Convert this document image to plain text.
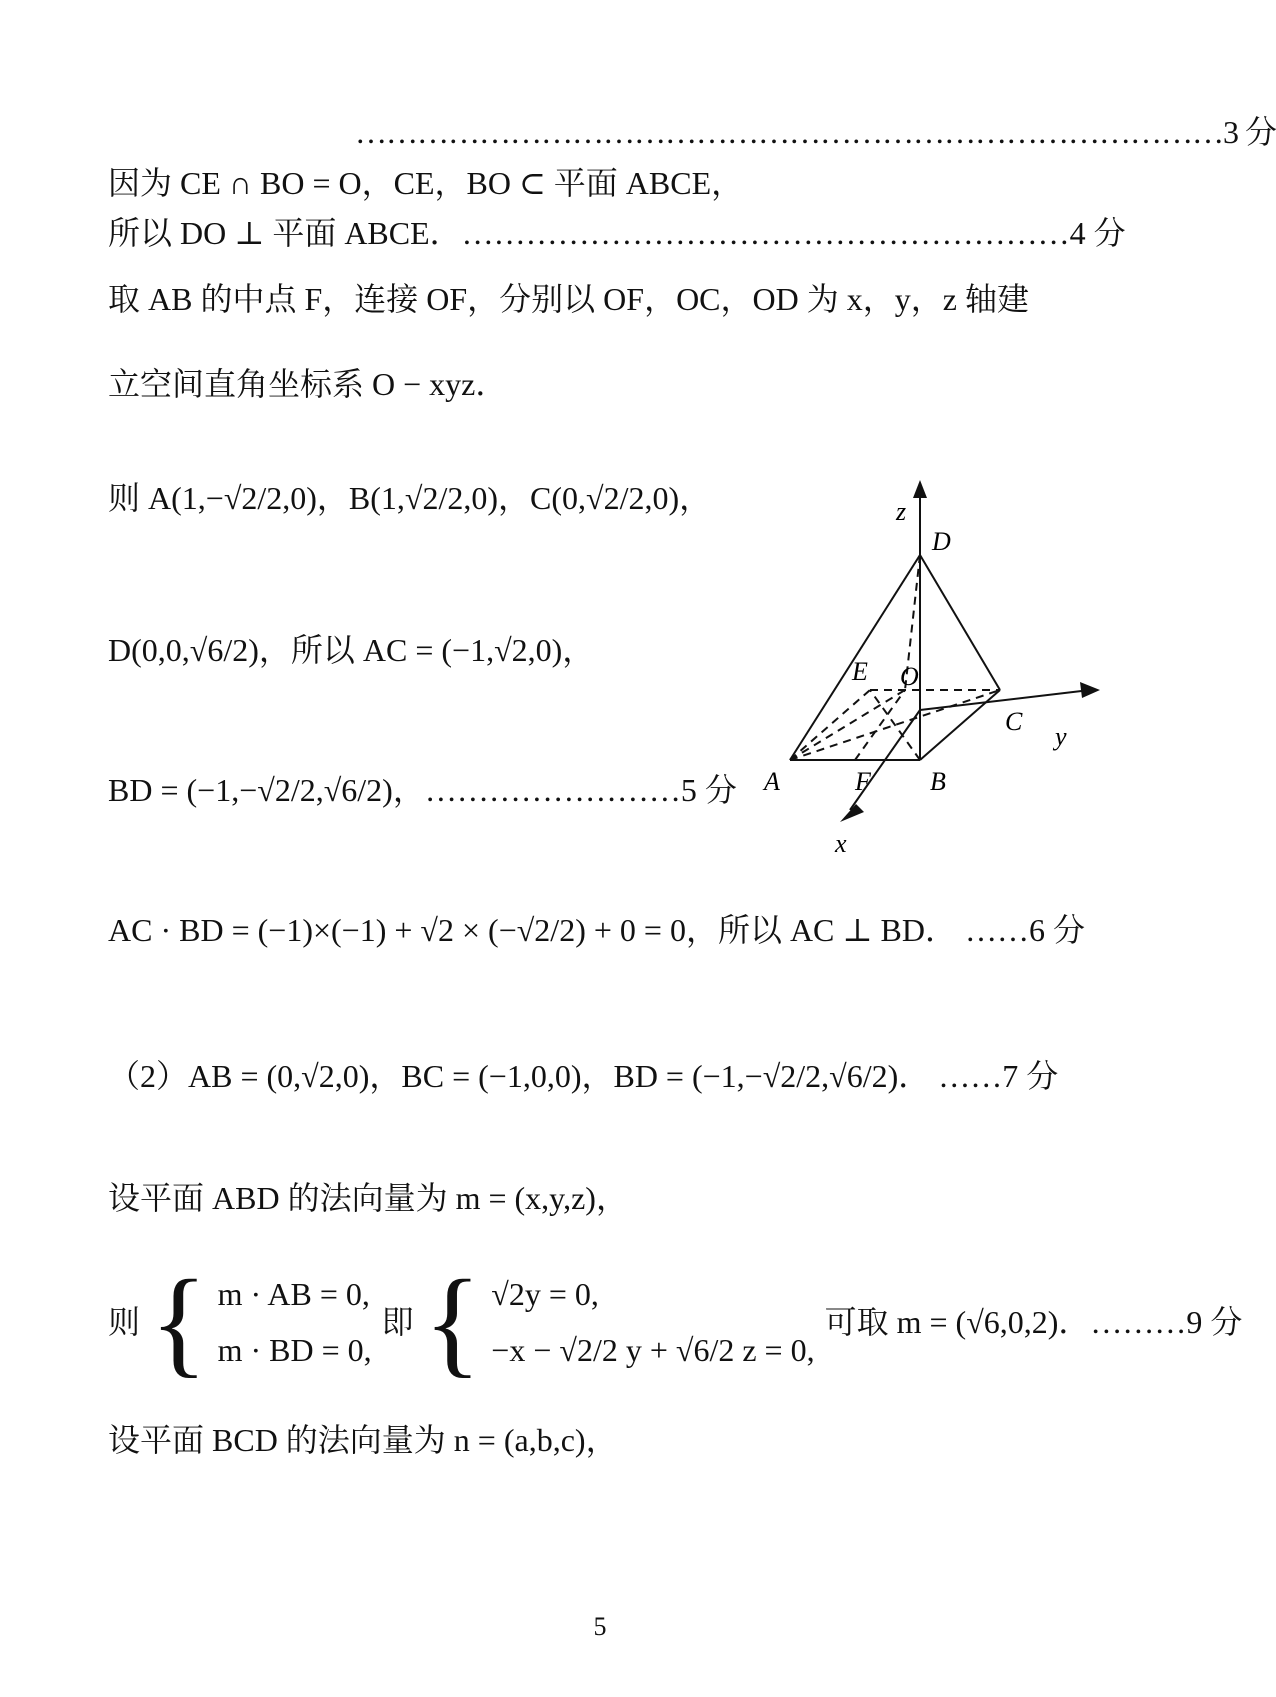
…………………………………………………………………………3 分
因为 CE ∩ BO = O，CE，BO ⊂ 平面 ABCE，
所以 DO ⊥ 平面 ABCE．…………………………………………………4 分
取 AB 的中点 F，连接 OF，分别以 OF，OC，OD 为 x，y，z 轴建
立空间直角坐标系 O − xyz．
则 A(1,−√2/2,0)，B(1,√2/2,0)，C(0,√2/2,0)，
D(0,0,√6/2)，所以 AC = (−1,√2,0)，
BD = (−1,−√2/2,√6/2)，……………………5 分
AC · BD = (−1)×(−1) + √2 × (−√2/2) + 0 = 0，所以 AC ⊥ BD． ……6 分
（2）AB = (0,√2,0)，BC = (−1,0,0)，BD = (−1,−√2/2,√6/2)． ……7 分
设平面 ABD 的法向量为 m = (x,y,z)，
则 { m · AB = 0,
m · BD = 0,
即 { √2y = 0,
−x − √2/2 y + √6/2 z = 0,
可取 m = (√6,0,2)．………9 分
设平面 BCD 的法向量为 n = (a,b,c)，
z
D
E O
C
y
A	F B
x
5
